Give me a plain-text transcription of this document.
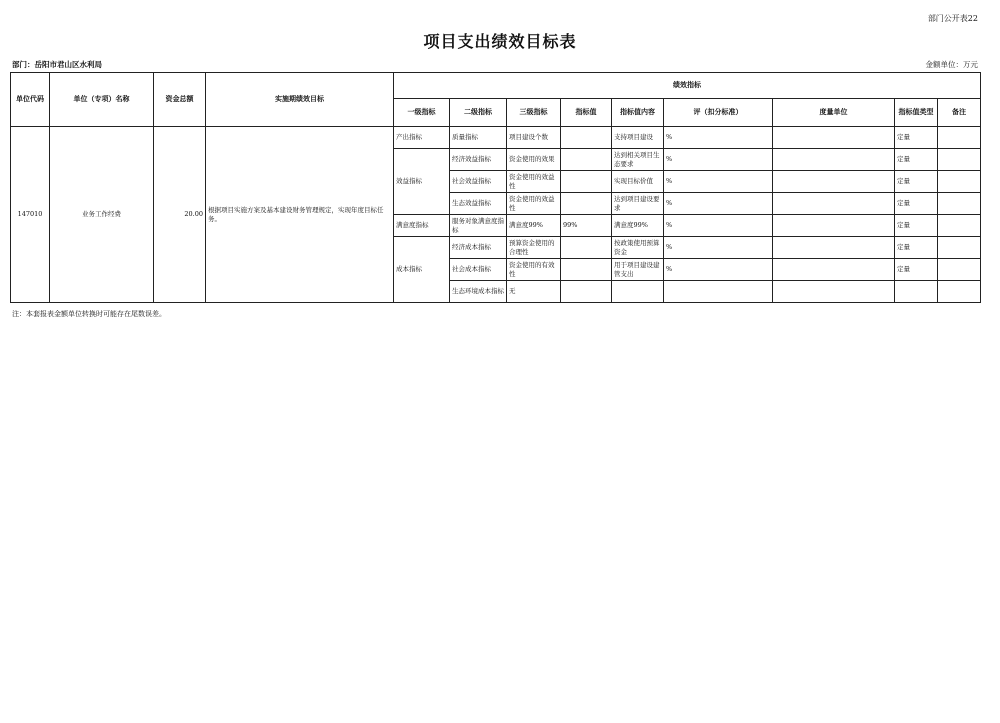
部门公开表22
项目支出绩效目标表
部门：岳阳市君山区水利局	金额单位：万元
单位代码	单位（专项）名称	资金总额	实施期绩效目标	绩效指标								
				一级指标	二级指标	三级指标	指标值	指标值内容	评（扣分标准）	度量单位	指标值类型	备注
147010	业务工作经费	20.00	根据项目实施方案及基本建设财务管理规定，实现年度目标任务。	产出指标	质量指标	项目建设个数		支持项目建设	%		定量	
				效益指标	经济效益指标	资金使用的效果		达到相关项目生态要求	%		定量	
					社会效益指标	资金使用的效益性		实现目标价值	%		定量	
					生态效益指标	资金使用的效益性		达到项目建设要求	%		定量	
				满意度指标	服务对象满意度指标	满意度99%	99%	满意度99%	%		定量	
				成本指标	经济成本指标	预算资金使用的合理性		按政策使用预算资金	%		定量	
					社会成本指标	资金使用的有效性		用于项目建设建管支出	%		定量	
					生态环境成本指标	无						
注：本套报表金额单位转换时可能存在尾数误差。
